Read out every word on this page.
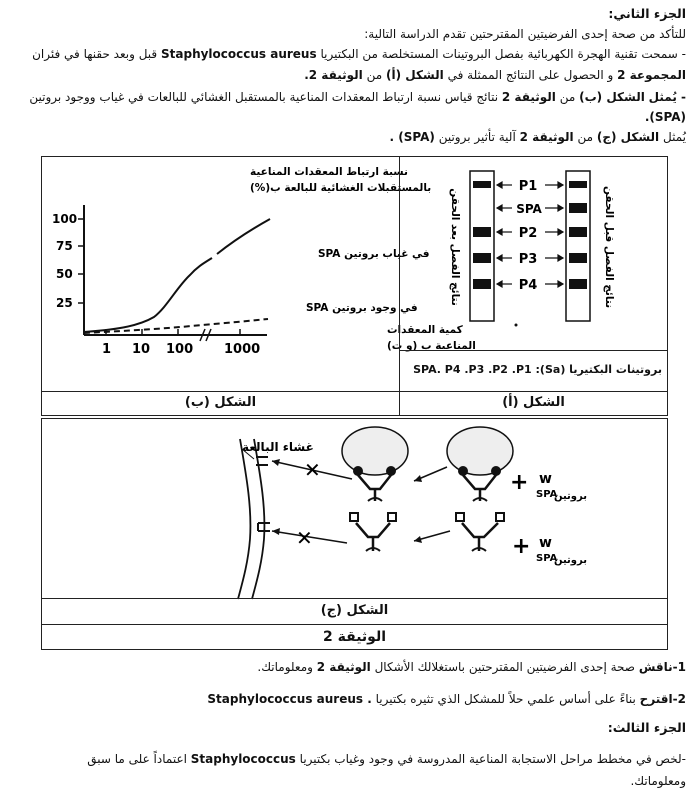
الجزء الثاني:
للتأكد من صحة إحدى الفرضيتين المقترحتين تقدم الدراسة التالية:
- سمحت تقنية الهجرة الكهربائية بفصل البروتينات المستخلصة من البكتيريا Staphylococcus aureus قبل وبعد حقنها في فئران
المجموعة 2 و الحصول على النتائج الممثلة في الشكل (أ) من الوثيقة 2.
- يُمثل الشكل (ب) من الوثيقة 2 نتائج قياس نسبة ارتباط المعقدات المناعية بالمستقبل الغشائي للبالعات في غياب ووجود بروتين
(SPA).
يُمثل الشكل (ج) من الوثيقة 2 آلية تأثير بروتين (SPA) .
100
75
50
25
1 10 100 1000
نسبة ارتباط المعقدات المناعية
بالمستقبلات الغشائية للبالعة ب(%)
في غياب بروتين SPA
في وجود بروتين SPA
كمية المعقدات
المناعية ب (و ت)
الشكل (ب)
P1
SPA
P2
P3
P4
نتائج الفصل بعد الحقن	نتائج الفصل قبل الحقن
بروتينات البكتيريا (Sa): SPA. P4 .P3 .P2 .P1
الشكل (أ)
غشاء البالعة
✕	+ w
SPA
بروتين
✕	+ w
SPA
بروتين
الشكل (ج)
الوثيقة 2
1-ناقش صحة إحدى الفرضيتين المقترحتين باستغلالك الأشكال الوثيقة 2 ومعلوماتك.
2-اقترح بناءً على أساس علمي حلاً للمشكل الذي تثيره بكتيريا Staphylococcus aureus .
الجزء الثالث:
-لخص في مخطط مراحل الاستجابة المناعية المدروسة في وجود وغياب بكتيريا Staphylococcus اعتماداً على ما سبق
ومعلوماتك.
